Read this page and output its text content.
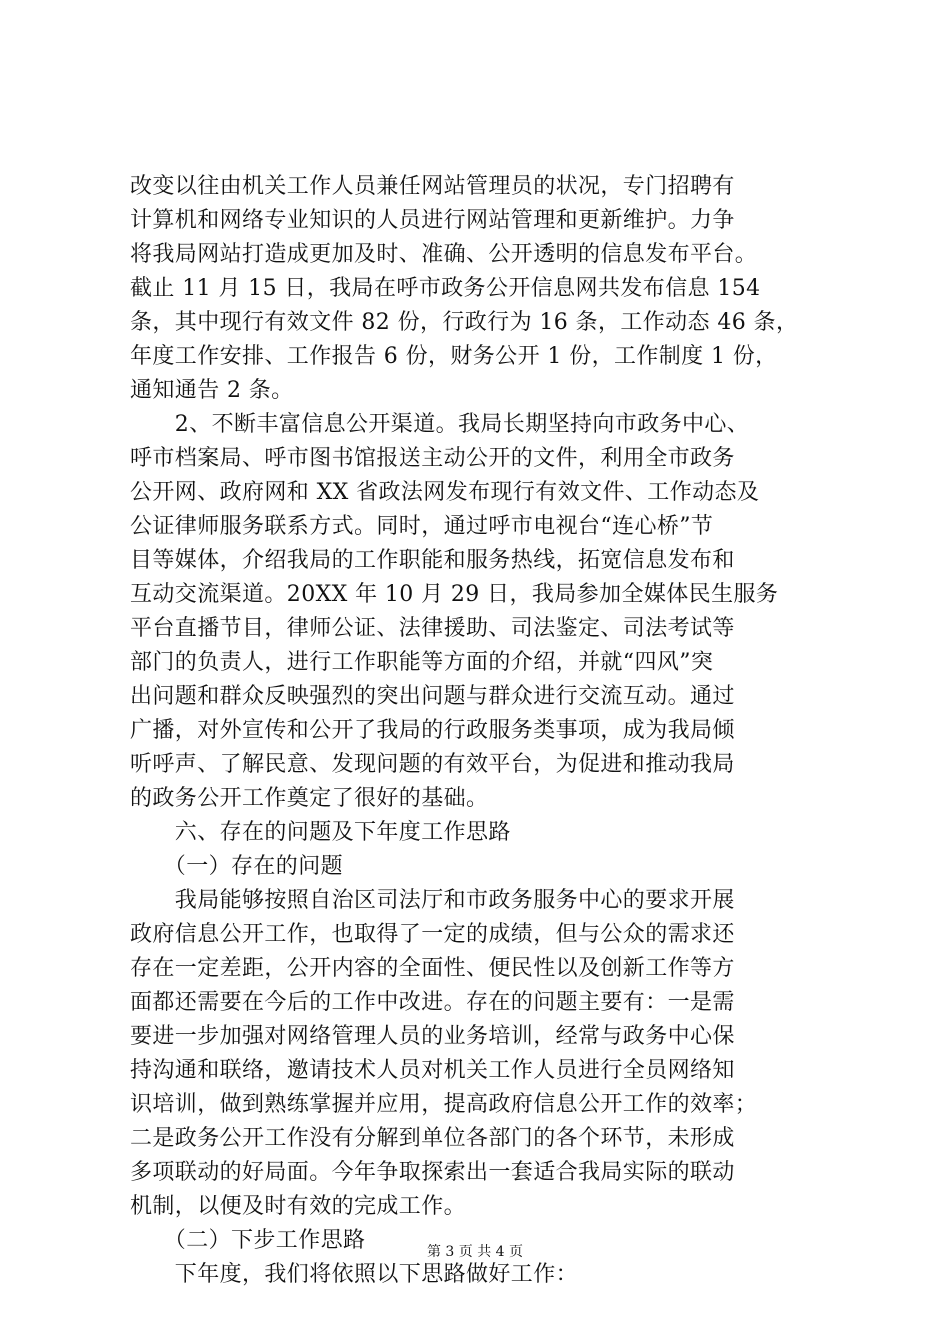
改变以往由机关工作人员兼任网站管理员的状况，专门招聘有
计算机和网络专业知识的人员进行网站管理和更新维护。力争
将我局网站打造成更加及时、准确、公开透明的信息发布平台。
截止 11 月 15 日，我局在呼市政务公开信息网共发布信息 154
条，其中现行有效文件 82 份，行政行为 16 条，工作动态 46 条，
年度工作安排、工作报告 6 份，财务公开 1 份，工作制度 1 份，
通知通告 2 条。
　　2、不断丰富信息公开渠道。我局长期坚持向市政务中心、
呼市档案局、呼市图书馆报送主动公开的文件，利用全市政务
公开网、政府网和 XX 省政法网发布现行有效文件、工作动态及
公证律师服务联系方式。同时，通过呼市电视台“连心桥”节
目等媒体，介绍我局的工作职能和服务热线，拓宽信息发布和
互动交流渠道。20XX 年 10 月 29 日，我局参加全媒体民生服务
平台直播节目，律师公证、法律援助、司法鉴定、司法考试等
部门的负责人，进行工作职能等方面的介绍，并就“四风”突
出问题和群众反映强烈的突出问题与群众进行交流互动。通过
广播，对外宣传和公开了我局的行政服务类事项，成为我局倾
听呼声、了解民意、发现问题的有效平台，为促进和推动我局
的政务公开工作奠定了很好的基础。
　　六、存在的问题及下年度工作思路
　　（一）存在的问题
　　我局能够按照自治区司法厅和市政务服务中心的要求开展
政府信息公开工作，也取得了一定的成绩，但与公众的需求还
存在一定差距，公开内容的全面性、便民性以及创新工作等方
面都还需要在今后的工作中改进。存在的问题主要有：一是需
要进一步加强对网络管理人员的业务培训，经常与政务中心保
持沟通和联络，邀请技术人员对机关工作人员进行全员网络知
识培训，做到熟练掌握并应用，提高政府信息公开工作的效率；
二是政务公开工作没有分解到单位各部门的各个环节，未形成
多项联动的好局面。今年争取探索出一套适合我局实际的联动
机制，以便及时有效的完成工作。
　　（二）下步工作思路
　　下年度，我们将依照以下思路做好工作：
第 3 页 共 4 页
